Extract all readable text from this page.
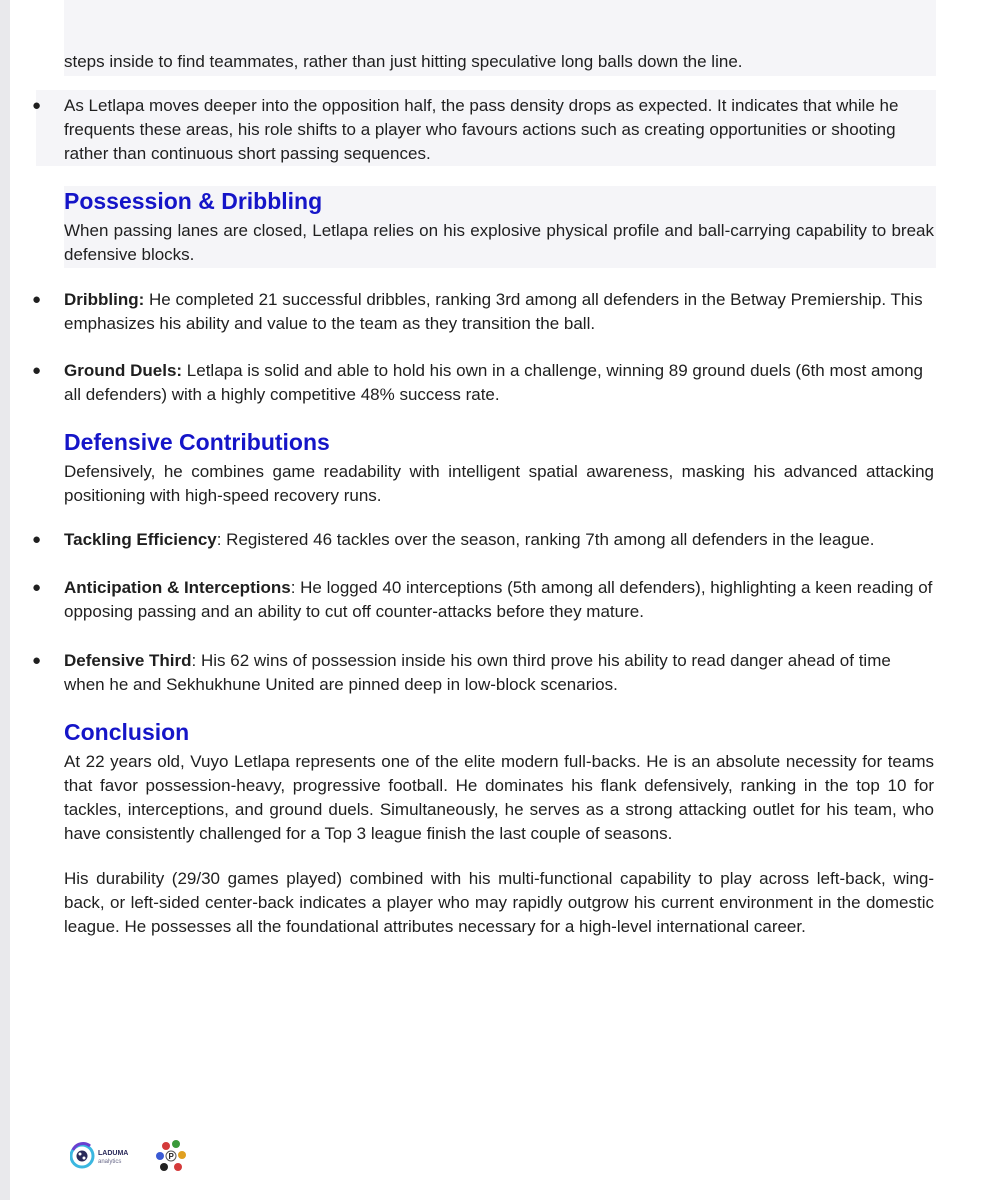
steps inside to find teammates, rather than just hitting speculative long balls down the line.
● As Letlapa moves deeper into the opposition half, the pass density drops as expected. It indicates that while he frequents these areas, his role shifts to a player who favours actions such as creating opportunities or shooting rather than continuous short passing sequences.
Possession & Dribbling
When passing lanes are closed, Letlapa relies on his explosive physical profile and ball-carrying capability to break defensive blocks.
● Dribbling: He completed 21 successful dribbles, ranking 3rd among all defenders in the Betway Premiership. This emphasizes his ability and value to the team as they transition the ball.
● Ground Duels: Letlapa is solid and able to hold his own in a challenge, winning 89 ground duels (6th most among all defenders) with a highly competitive 48% success rate.
Defensive Contributions
Defensively, he combines game readability with intelligent spatial awareness, masking his advanced attacking positioning with high-speed recovery runs.
● Tackling Efficiency: Registered 46 tackles over the season, ranking 7th among all defenders in the league.
● Anticipation & Interceptions: He logged 40 interceptions (5th among all defenders), highlighting a keen reading of opposing passing and an ability to cut off counter-attacks before they mature.
● Defensive Third: His 62 wins of possession inside his own third prove his ability to read danger ahead of time when he and Sekhukhune United are pinned deep in low-block scenarios.
Conclusion
At 22 years old, Vuyo Letlapa represents one of the elite modern full-backs. He is an absolute necessity for teams that favor possession-heavy, progressive football. He dominates his flank defensively, ranking in the top 10 for tackles, interceptions, and ground duels. Simultaneously, he serves as a strong attacking outlet for his team, who have consistently challenged for a Top 3 league finish the last couple of seasons.
His durability (29/30 games played) combined with his multi-functional capability to play across left-back, wing-back, or left-sided center-back indicates a player who may rapidly outgrow his current environment in the domestic league. He possesses all the foundational attributes necessary for a high-level international career.
LADUMA
analytics
P
